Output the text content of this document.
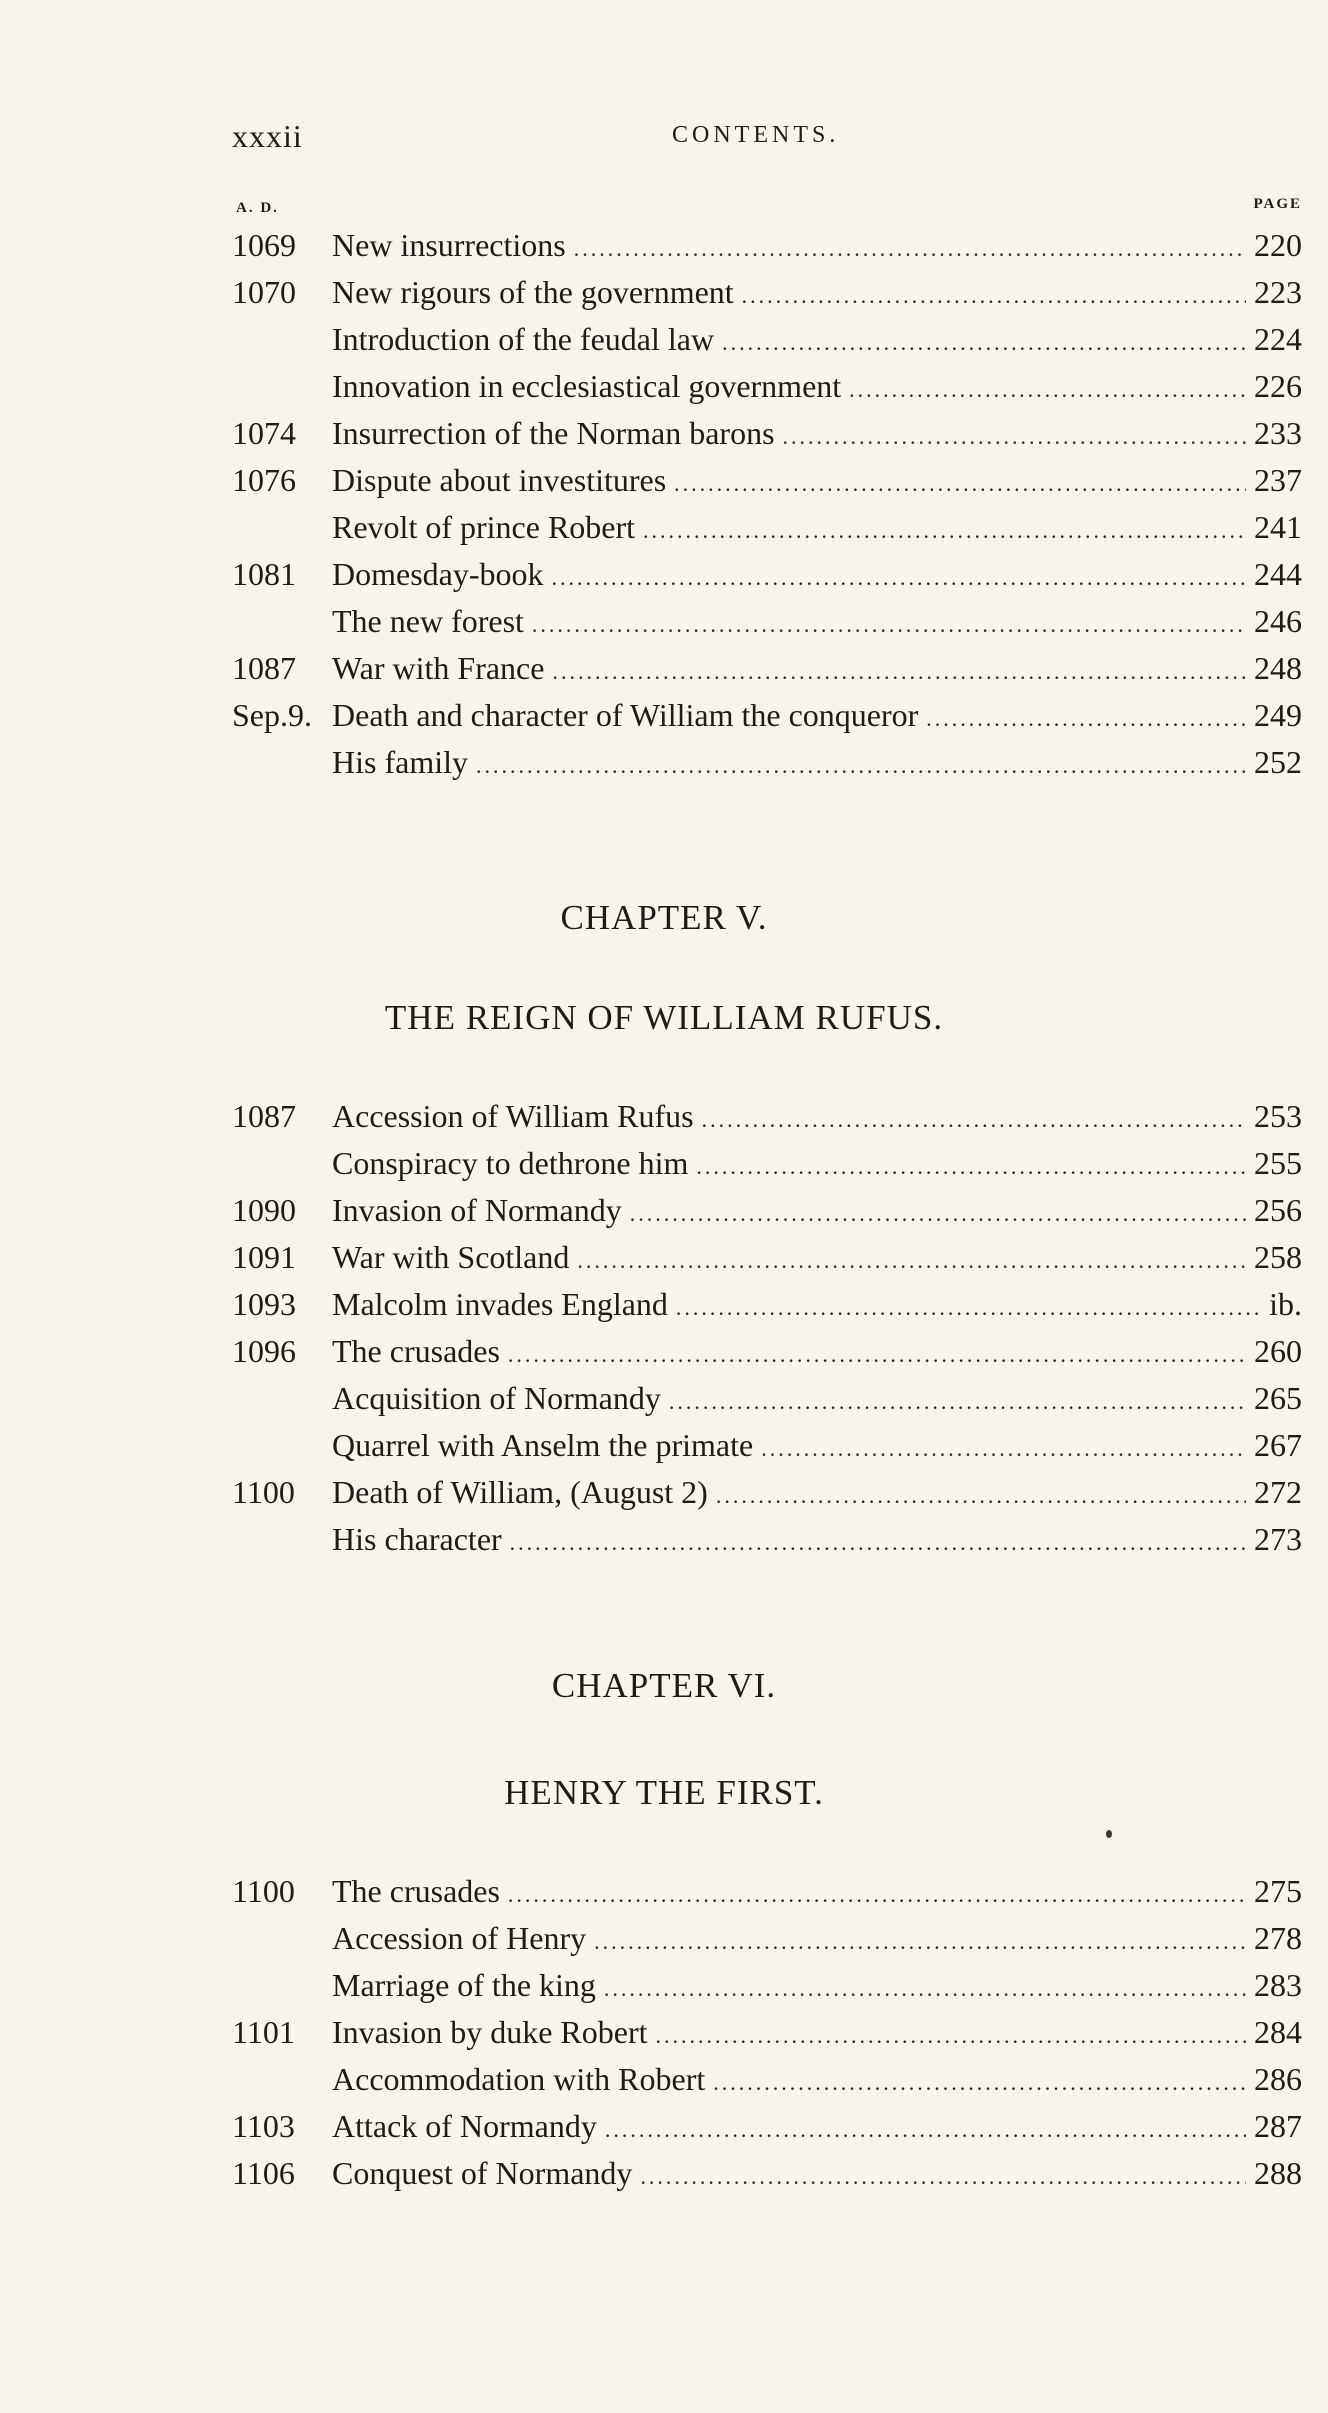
xxxii	CONTENTS.
A. D.	PAGE
1069 New insurrections .....	220
1070 New rigours of the government .....	223
Introduction of the feudal law .....	224
Innovation in ecclesiastical government .....	226
1074 Insurrection of the Norman barons .....	233
1076 Dispute about investitures .....	237
Revolt of prince Robert .....	241
1081 Domesday-book .....	244
The new forest .....	246
1087 War with France .....	248
Sep.9. Death and character of William the conqueror .....	249
His family .....	252
CHAPTER V.
THE REIGN OF WILLIAM RUFUS.
1087 Accession of William Rufus .....	253
Conspiracy to dethrone him .....	255
1090 Invasion of Normandy .....	256
1091 War with Scotland .....	258
1093 Malcolm invades England .....	ib.
1096 The crusades .....	260
Acquisition of Normandy .....	265
Quarrel with Anselm the primate .....	267
1100 Death of William, (August 2) .....	272
His character .....	273
CHAPTER VI.
HENRY THE FIRST.
1100 The crusades .....	275
Accession of Henry .....	278
Marriage of the king .....	283
1101 Invasion by duke Robert .....	284
Accommodation with Robert .....	286
1103 Attack of Normandy .....	287
1106 Conquest of Normandy .....	288
